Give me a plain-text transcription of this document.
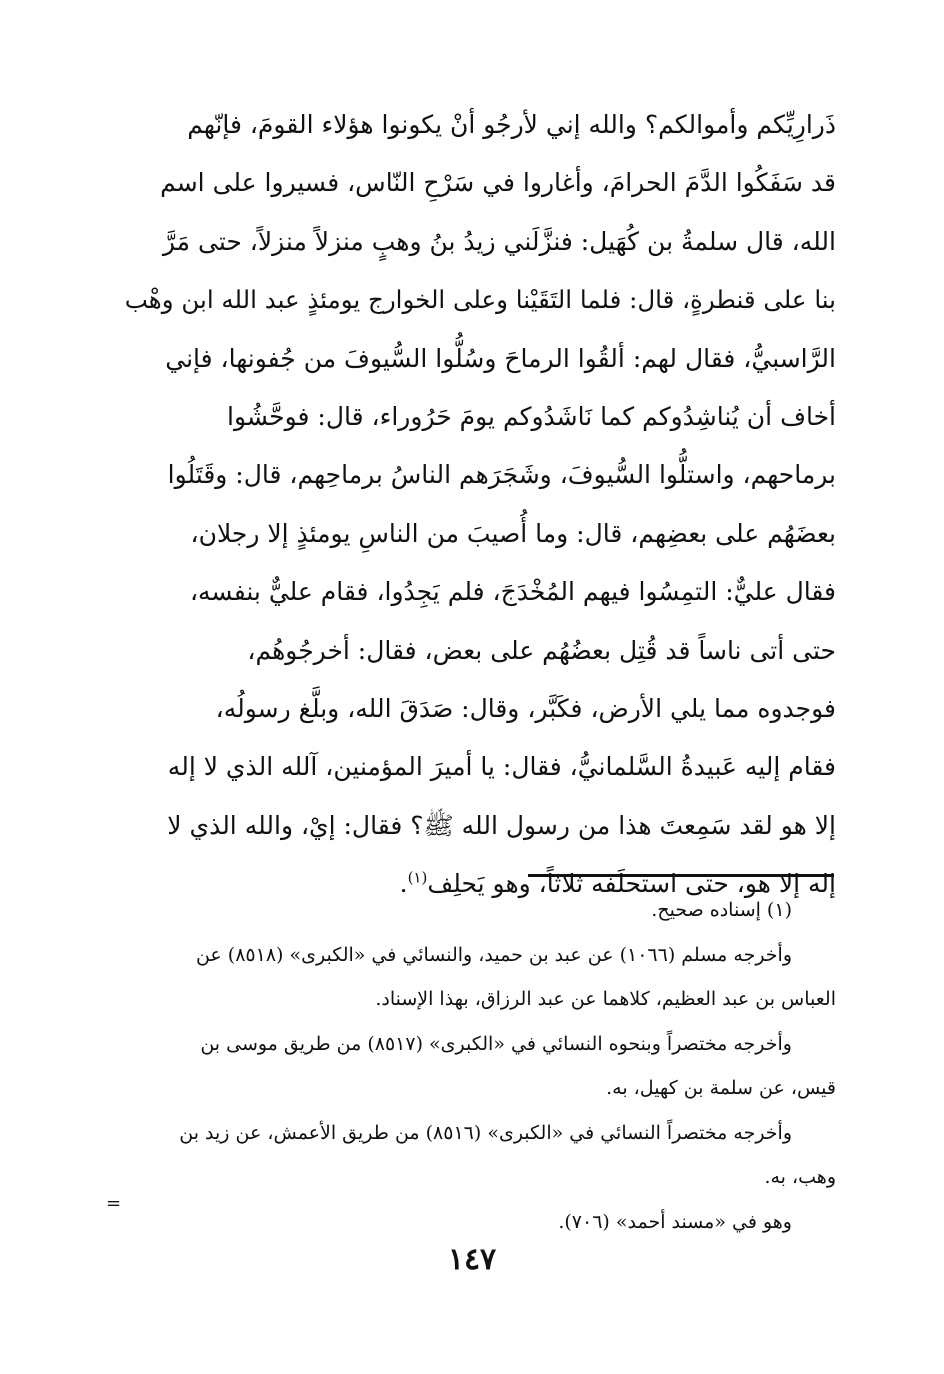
ذَرارِيِّكم وأموالكم؟ والله إني لأرجُو أنْ يكونوا هؤلاء القومَ، فإنّهم
قد سَفَكُوا الدَّمَ الحرامَ، وأغاروا في سَرْحِ النّاس، فسيروا على اسم
الله، قال سلمةُ بن كُهَيل: فنزَّلَني زيدُ بنُ وهبٍ منزلاً منزلاً، حتى مَرَّ
بنا على قنطرةٍ، قال: فلما التَقَيْنا وعلى الخوارج يومئذٍ عبد الله ابن وهْب
الرَّاسبيُّ، فقال لهم: ألقُوا الرماحَ وسُلُّوا السُّيوفَ من جُفونها، فإني
أخاف أن يُناشِدُوكم كما نَاشَدُوكم يومَ حَرُوراء، قال: فوحَّشُوا
برماحهم، واستلُّوا السُّيوفَ، وشَجَرَهم الناسُ برماحِهم، قال: وقَتَلُوا
بعضَهُم على بعضِهم، قال: وما أُصيبَ من الناسِ يومئذٍ إلا رجلان،
فقال عليٌّ: التمِسُوا فيهم المُخْدَجَ، فلم يَجِدُوا، فقام عليٌّ بنفسه،
حتى أتى ناساً قد قُتِل بعضُهُم على بعض، فقال: أخرجُوهُم،
فوجدوه مما يلي الأرض، فكَبَّر، وقال: صَدَقَ الله، وبلَّغ رسولُه،
فقام إليه عَبيدةُ السَّلمانيُّ، فقال: يا أميرَ المؤمنين، آلله الذي لا إله
إلا هو لقد سَمِعتَ هذا من رسول الله ﷺ؟ فقال: إيْ، والله الذي لا
إله إلا هو، حتى استحلَفَه ثلاثاً، وهو يَحلِف$^{(١)}$.
(١) إسناده صحيح.
وأخرجه مسلم (١٠٦٦) عن عبد بن حميد، والنسائي في «الكبرى» (٨٥١٨) عن
العباس بن عبد العظيم، كلاهما عن عبد الرزاق، بهذا الإسناد.
وأخرجه مختصراً وبنحوه النسائي في «الكبرى» (٨٥١٧) من طريق موسى بن
قيس، عن سلمة بن كهيل، به.
وأخرجه مختصراً النسائي في «الكبرى» (٨٥١٦) من طريق الأعمش، عن زيد بن
وهب، به.
وهو في «مسند أحمد» (٧٠٦).
=
١٤٧
